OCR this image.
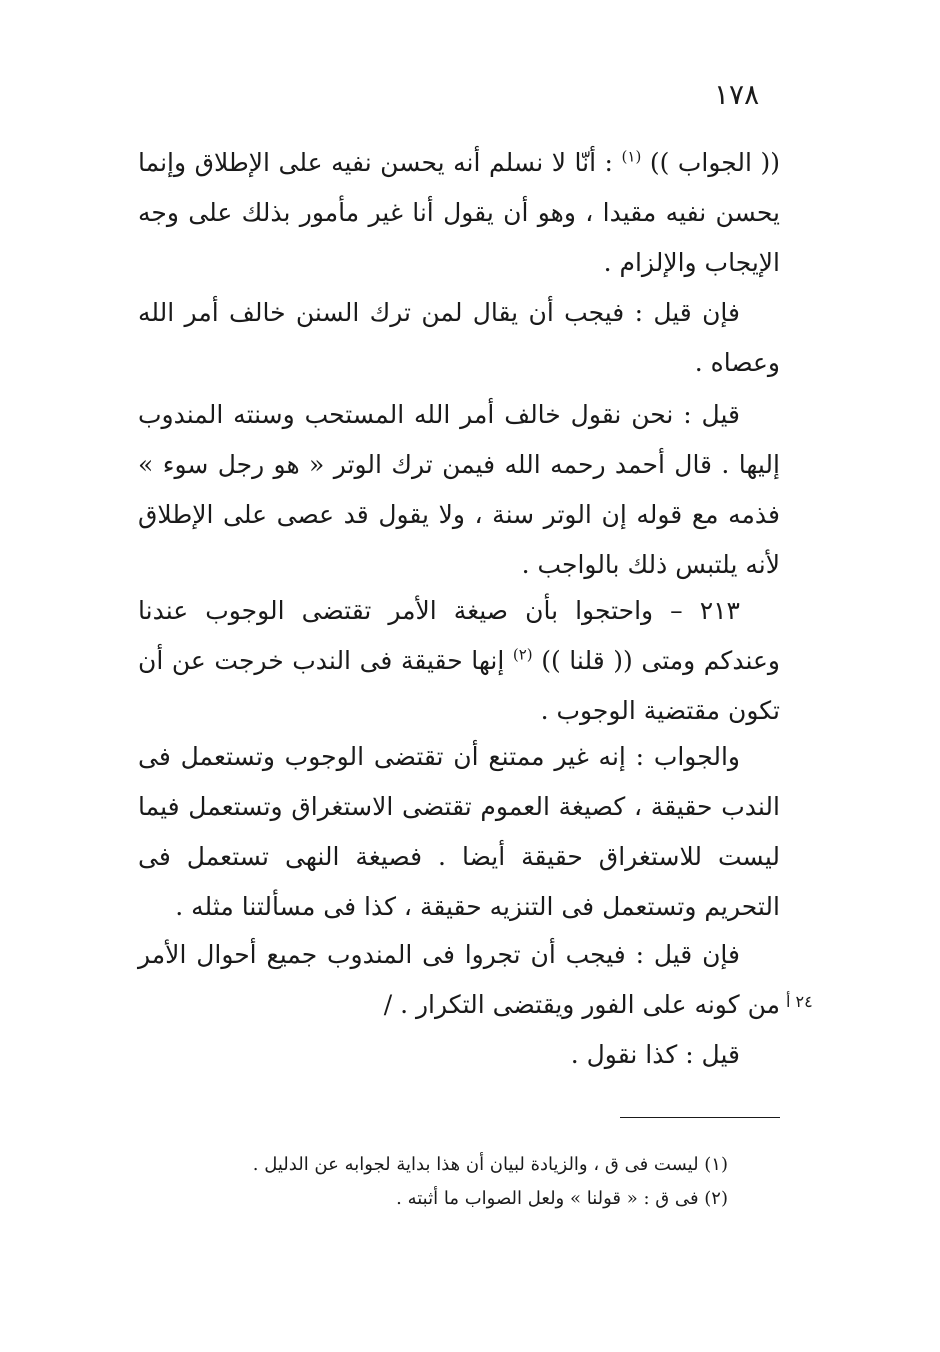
١٧٨

(( الجواب )) $^{(١)}$ : أنّا لا نسلم أنه يحسن نفيه على الإطلاق وإنما يحسن نفيه مقيدا ، وهو أن يقول أنا غير مأمور بذلك على وجه الإيجاب والإلزام .

فإن قيل : فيجب أن يقال لمن ترك السنن خالف أمر الله وعصاه .

قيل : نحن نقول خالف أمر الله المستحب وسنته المندوب إليها . قال أحمد رحمه الله فيمن ترك الوتر « هو رجل سوء » فذمه مع قوله إن الوتر سنة ، ولا يقول قد عصى على الإطلاق لأنه يلتبس ذلك بالواجب .

٢١٣ – واحتجوا بأن صيغة الأمر تقتضى الوجوب عندنا وعندكم ومتى (( قلنا )) $^{(٢)}$ إنها حقيقة فى الندب خرجت عن أن تكون مقتضية الوجوب .

والجواب : إنه غير ممتنع أن تقتضى الوجوب وتستعمل فى الندب حقيقة ، كصيغة العموم تقتضى الاستغراق وتستعمل فيما ليست للاستغراق حقيقة أيضا . فصيغة النهى تستعمل فى التحريم وتستعمل فى التنزيه حقيقة ، كذا فى مسألتنا مثله .

فإن قيل : فيجب أن تجروا فى المندوب جميع أحوال الأمر من كونه على الفور ويقتضى التكرار . /

قيل : كذا نقول .

٢٤ أ

(١) ليست فى ق ، والزيادة لبيان أن هذا بداية لجوابه عن الدليل .

(٢) فى ق : « قولنا » ولعل الصواب ما أثبته .
